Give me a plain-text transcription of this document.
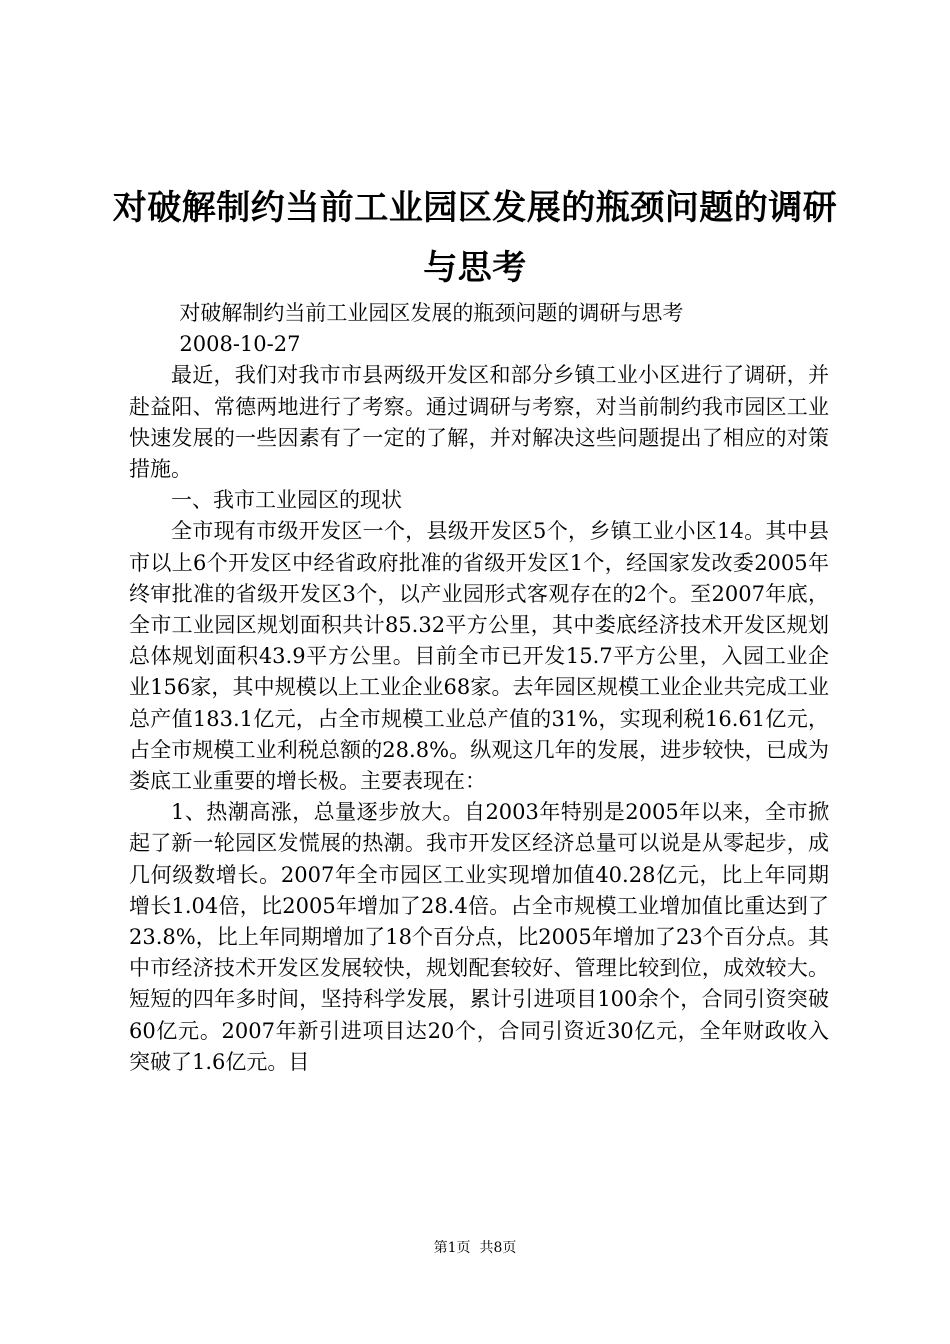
对破解制约当前工业园区发展的瓶颈问题的调研与思考

对破解制约当前工业园区发展的瓶颈问题的调研与思考

2008-10-27

最近，我们对我市市县两级开发区和部分乡镇工业小区进行了调研，并赴益阳、常德两地进行了考察。通过调研与考察，对当前制约我市园区工业快速发展的一些因素有了一定的了解，并对解决这些问题提出了相应的对策措施。

一、我市工业园区的现状

全市现有市级开发区一个，县级开发区5个，乡镇工业小区14。其中县市以上6个开发区中经省政府批准的省级开发区1个，经国家发改委2005年终审批准的省级开发区3个，以产业园形式客观存在的2个。至2007年底，全市工业园区规划面积共计85.32平方公里，其中娄底经济技术开发区规划总体规划面积43.9平方公里。目前全市已开发15.7平方公里，入园工业企业156家，其中规模以上工业企业68家。去年园区规模工业企业共完成工业总产值183.1亿元，占全市规模工业总产值的31%，实现利税16.61亿元，占全市规模工业利税总额的28.8%。纵观这几年的发展，进步较快，已成为娄底工业重要的增长极。主要表现在：

1、热潮高涨，总量逐步放大。自2003年特别是2005年以来，全市掀起了新一轮园区发慌展的热潮。我市开发区经济总量可以说是从零起步，成几何级数增长。2007年全市园区工业实现增加值40.28亿元，比上年同期增长1.04倍，比2005年增加了28.4倍。占全市规模工业增加值比重达到了23.8%，比上年同期增加了18个百分点，比2005年增加了23个百分点。其中市经济技术开发区发展较快，规划配套较好、管理比较到位，成效较大。短短的四年多时间，坚持科学发展，累计引进项目100余个，合同引资突破60亿元。2007年新引进项目达20个，合同引资近30亿元，全年财政收入突破了1.6亿元。目

第1页  共8页
